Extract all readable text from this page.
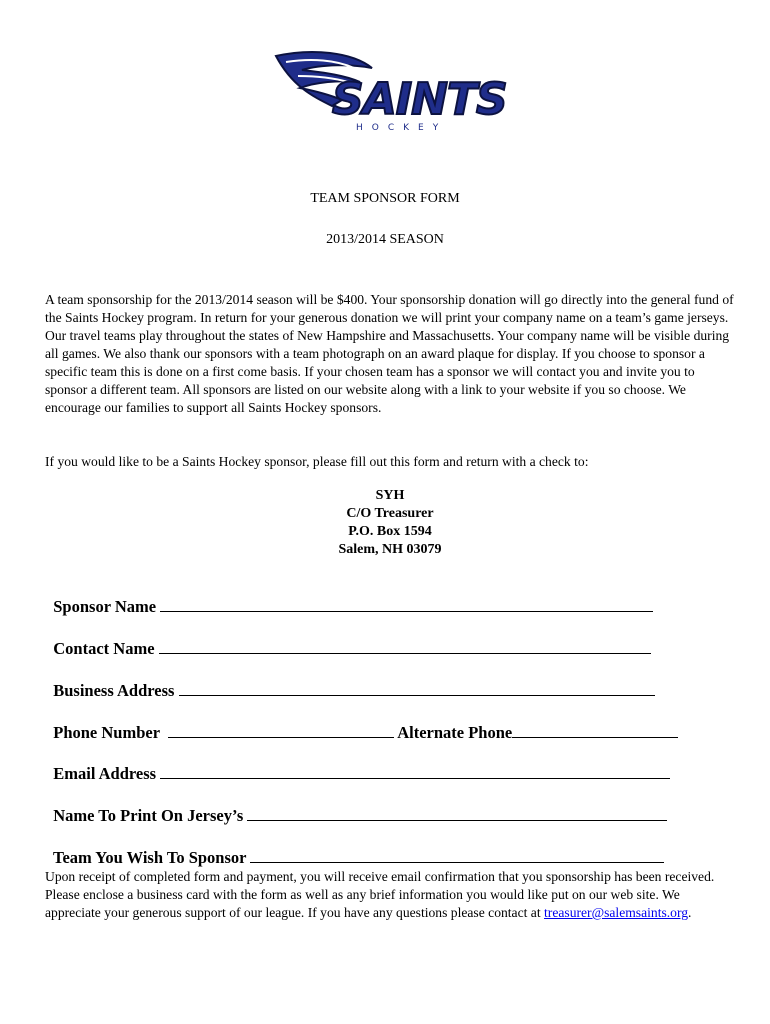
SAINTS
HOCKEY
TEAM SPONSOR FORM
2013/2014 SEASON
A team sponsorship for the 2013/2014 season will be $400. Your sponsorship donation will go directly into the general fund of the Saints Hockey program. In return for your generous donation we will print your company name on a team’s game jerseys. Our travel teams play throughout the states of New Hampshire and Massachusetts. Your company name will be visible during all games. We also thank our sponsors with a team photograph on an award plaque for display. If you choose to sponsor a specific team this is done on a first come basis. If your chosen team has a sponsor we will contact you and invite you to sponsor a different team. All sponsors are listed on our website along with a link to your website if you so choose. We encourage our families to support all Saints Hockey sponsors.
If you would like to be a Saints Hockey sponsor, please fill out this form and return with a check to:
SYH
C/O Treasurer
P.O. Box 1594
Salem, NH 03079

Sponsor Name

Contact Name

Business Address

Phone Number	Alternate Phone

Email Address

Name To Print On Jersey’s

Team You Wish To Sponsor

Upon receipt of completed form and payment, you will receive email confirmation that you sponsorship has been received. Please enclose a business card with the form as well as any brief information you would like put on our web site. We appreciate your generous support of our league. If you have any questions please contact at treasurer@salemsaints.org.
